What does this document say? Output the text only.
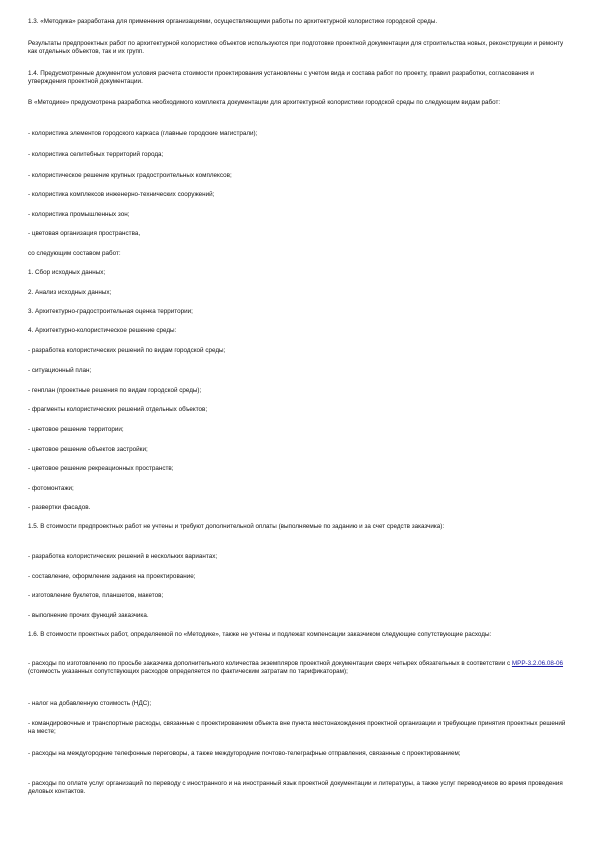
1.3. «Методика» разработана для применения организациями, осуществляющими работы по архитектурной колористике городской среды.

Результаты предпроектных работ по архитектурной колористике объектов используются при подготовке проектной документации для строительства новых, реконструкции и ремонту как отдельных объектов, так и их групп.

1.4. Предусмотренные документом условия расчета стоимости проектирования установлены с учетом вида и состава работ по проекту, правил разработки, согласования и утверждения проектной документации.

В «Методике» предусмотрена разработка необходимого комплекта документации для архитектурной колористики городской среды по следующим видам работ:

- колористика элементов городского каркаса (главные городские магистрали);

- колористика селитебных территорий города;

- колористическое решение крупных градостроительных комплексов;

- колористика комплексов инженерно-технических сооружений;

- колористика промышленных зон;

- цветовая организация пространства,

со следующим составом работ:

1. Сбор исходных данных;

2. Анализ исходных данных;

3. Архитектурно-градостроительная оценка территории;

4. Архитектурно-колористическое решение среды:

- разработка колористических решений по видам городской среды;

- ситуационный план;

- генплан (проектные решения по видам городской среды);

- фрагменты колористических решений отдельных объектов;

- цветовое решение территории;

- цветовое решение объектов застройки;

- цветовое решение рекреационных пространств;

- фотомонтажи;

- развертки фасадов.

1.5. В стоимости предпроектных работ не учтены и требуют дополнительной оплаты (выполняемые по заданию и за счет средств заказчика):

- разработка колористических решений в нескольких вариантах;

- составление, оформление задания на проектирование;

- изготовление буклетов, планшетов, макетов;

- выполнение прочих функций заказчика.

1.6. В стоимости проектных работ, определяемой по «Методике», также не учтены и подлежат компенсации заказчиком следующие сопутствующие расходы:

- расходы по изготовлению по просьбе заказчика дополнительного количества экземпляров проектной документации сверх четырех обязательных в соответствии с МРР-3.2.06.08-06 (стоимость указанных сопутствующих расходов определяется по фактическим затратам по тарификаторам);

- налог на добавленную стоимость (НДС);

- командировочные и транспортные расходы, связанные с проектированием объекта вне пункта местонахождения проектной организации и требующие принятия проектных решений на месте;

- расходы на междугородние телефонные переговоры, а также междугородние почтово-телеграфные отправления, связанные с проектированием;

- расходы по оплате услуг организаций по переводу с иностранного и на иностранный язык проектной документации и литературы, а также услуг переводчиков во время проведения деловых контактов.
